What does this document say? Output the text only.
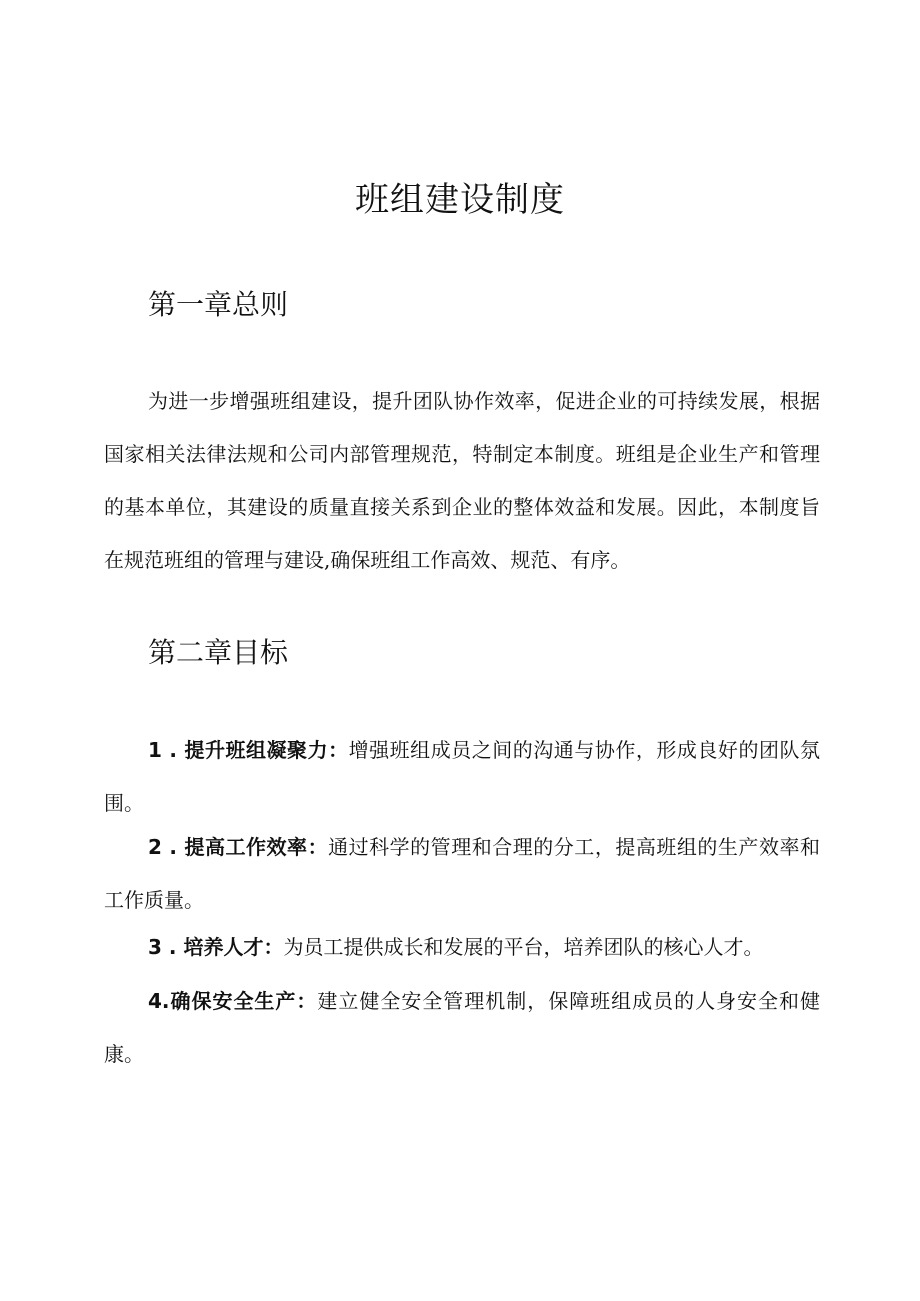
班组建设制度
第一章总则

为进一步增强班组建设，提升团队协作效率，促进企业的可持续发展，根据国家相关法律法规和公司内部管理规范，特制定本制度。班组是企业生产和管理的基本单位，其建设的质量直接关系到企业的整体效益和发展。因此，本制度旨在规范班组的管理与建设,确保班组工作高效、规范、有序。

第二章目标

1 . 提升班组凝聚力：增强班组成员之间的沟通与协作，形成良好的团队氛围。

2 . 提高工作效率：通过科学的管理和合理的分工，提高班组的生产效率和工作质量。

3 . 培养人才：为员工提供成长和发展的平台，培养团队的核心人才。

4.确保安全生产：建立健全安全管理机制，保障班组成员的人身安全和健康。
